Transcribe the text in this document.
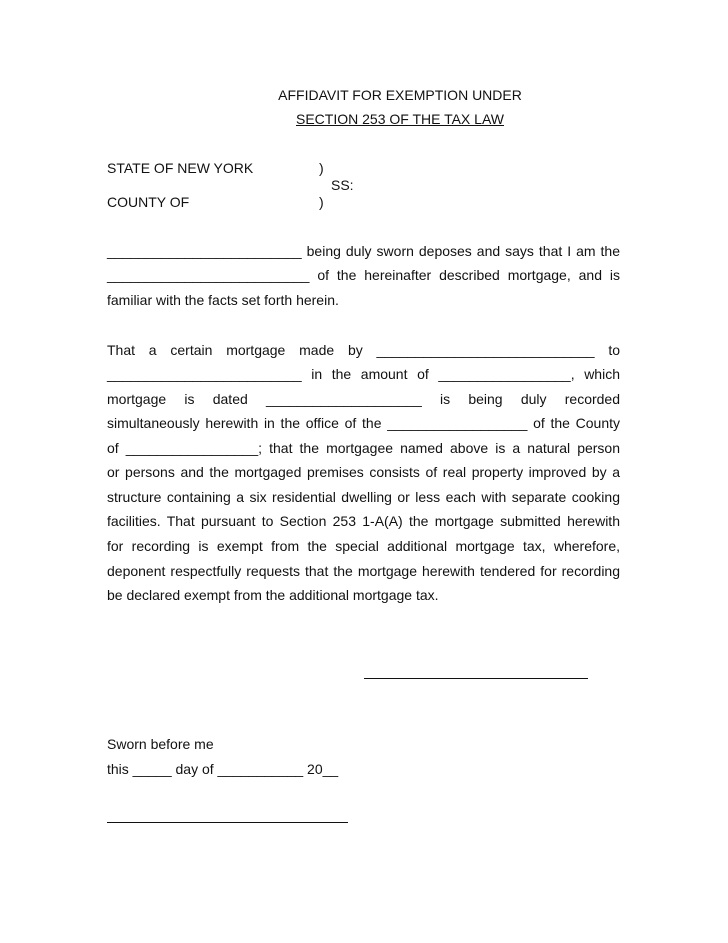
AFFIDAVIT FOR EXEMPTION UNDER
SECTION 253 OF THE TAX LAW
STATE OF NEW YORK	)
SS:
COUNTY OF	)
_________________________ being duly sworn deposes and says that I am the
__________________________ of the hereinafter described mortgage, and is
familiar with the facts set forth herein.
That a certain mortgage made by ____________________________ to
_________________________ in the amount of _________________, which
mortgage is dated ____________________ is being duly recorded
simultaneously herewith in the office of the __________________ of the County
of _________________; that the mortgagee named above is a natural person
or persons and the mortgaged premises consists of real property improved by a
structure containing a six residential dwelling or less each with separate cooking
facilities. That pursuant to Section 253 1-A(A) the mortgage submitted herewith
for recording is exempt from the special additional mortgage tax, wherefore,
deponent respectfully requests that the mortgage herewith tendered for recording
be declared exempt from the additional mortgage tax.
Sworn before me
this _____ day of ___________ 20__
